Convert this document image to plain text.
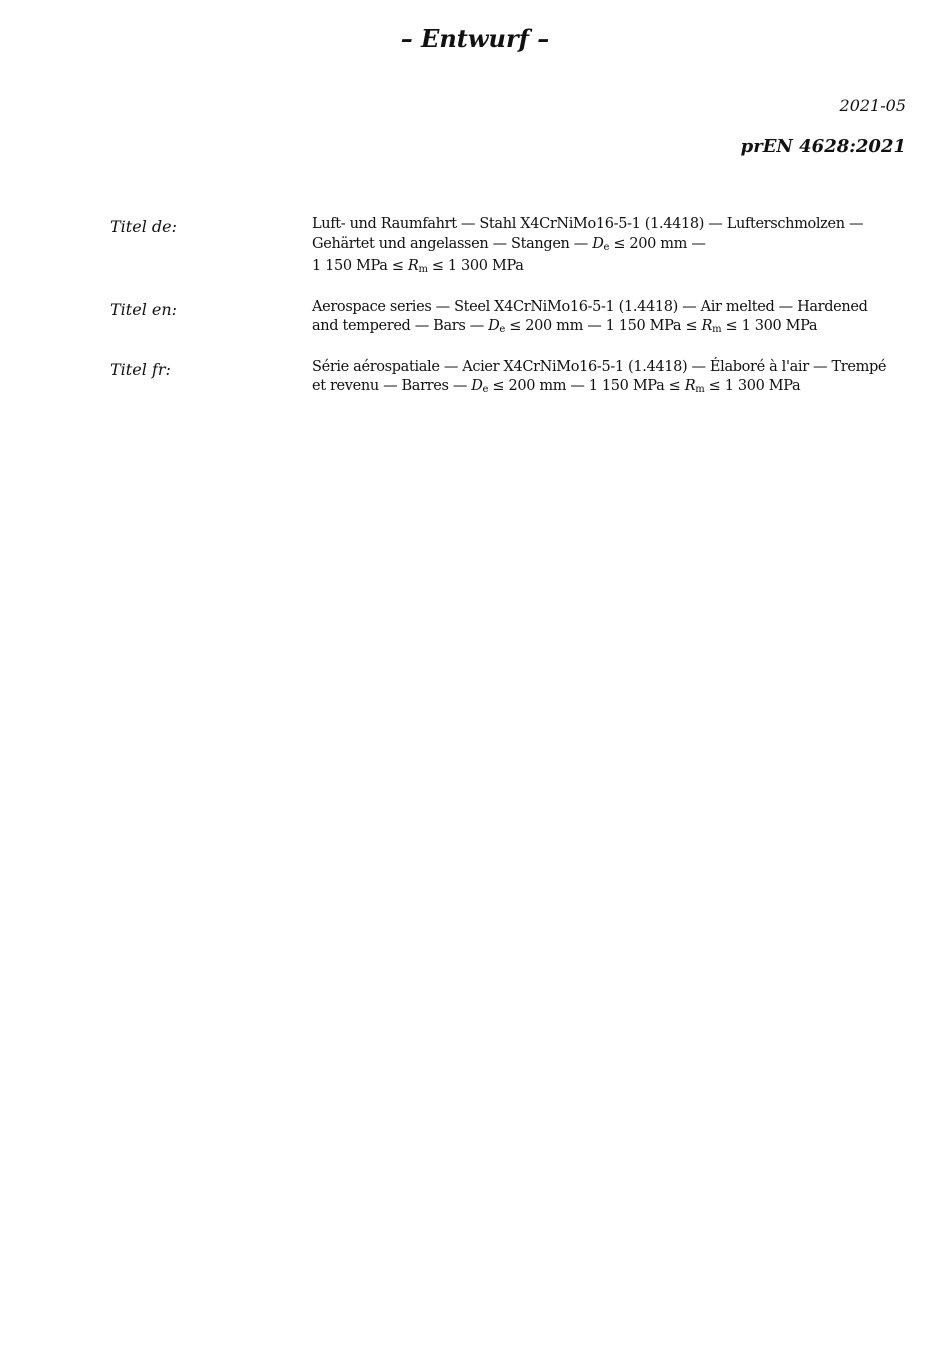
– Entwurf –
2021-05
prEN 4628:2021
Titel de:	Luft- und Raumfahrt — Stahl X4CrNiMo16-5-1 (1.4418) — Lufterschmolzen —
Gehärtet und angelassen — Stangen — $D_e \le 200$ mm —
1 150 MPa ≤ $R_m \le 1$ 300 MPa
Titel en:	Aerospace series — Steel X4CrNiMo16-5-1 (1.4418) — Air melted — Hardened
and tempered — Bars — $D_e \le 200$ mm — 1 150 MPa ≤ $R_m \le 1$ 300 MPa
Titel fr:	Série aérospatiale — Acier X4CrNiMo16-5-1 (1.4418) — Élaboré à l'air — Trempé
et revenu — Barres — $D_e \le 200$ mm — 1 150 MPa ≤ $R_m \le 1$ 300 MPa
